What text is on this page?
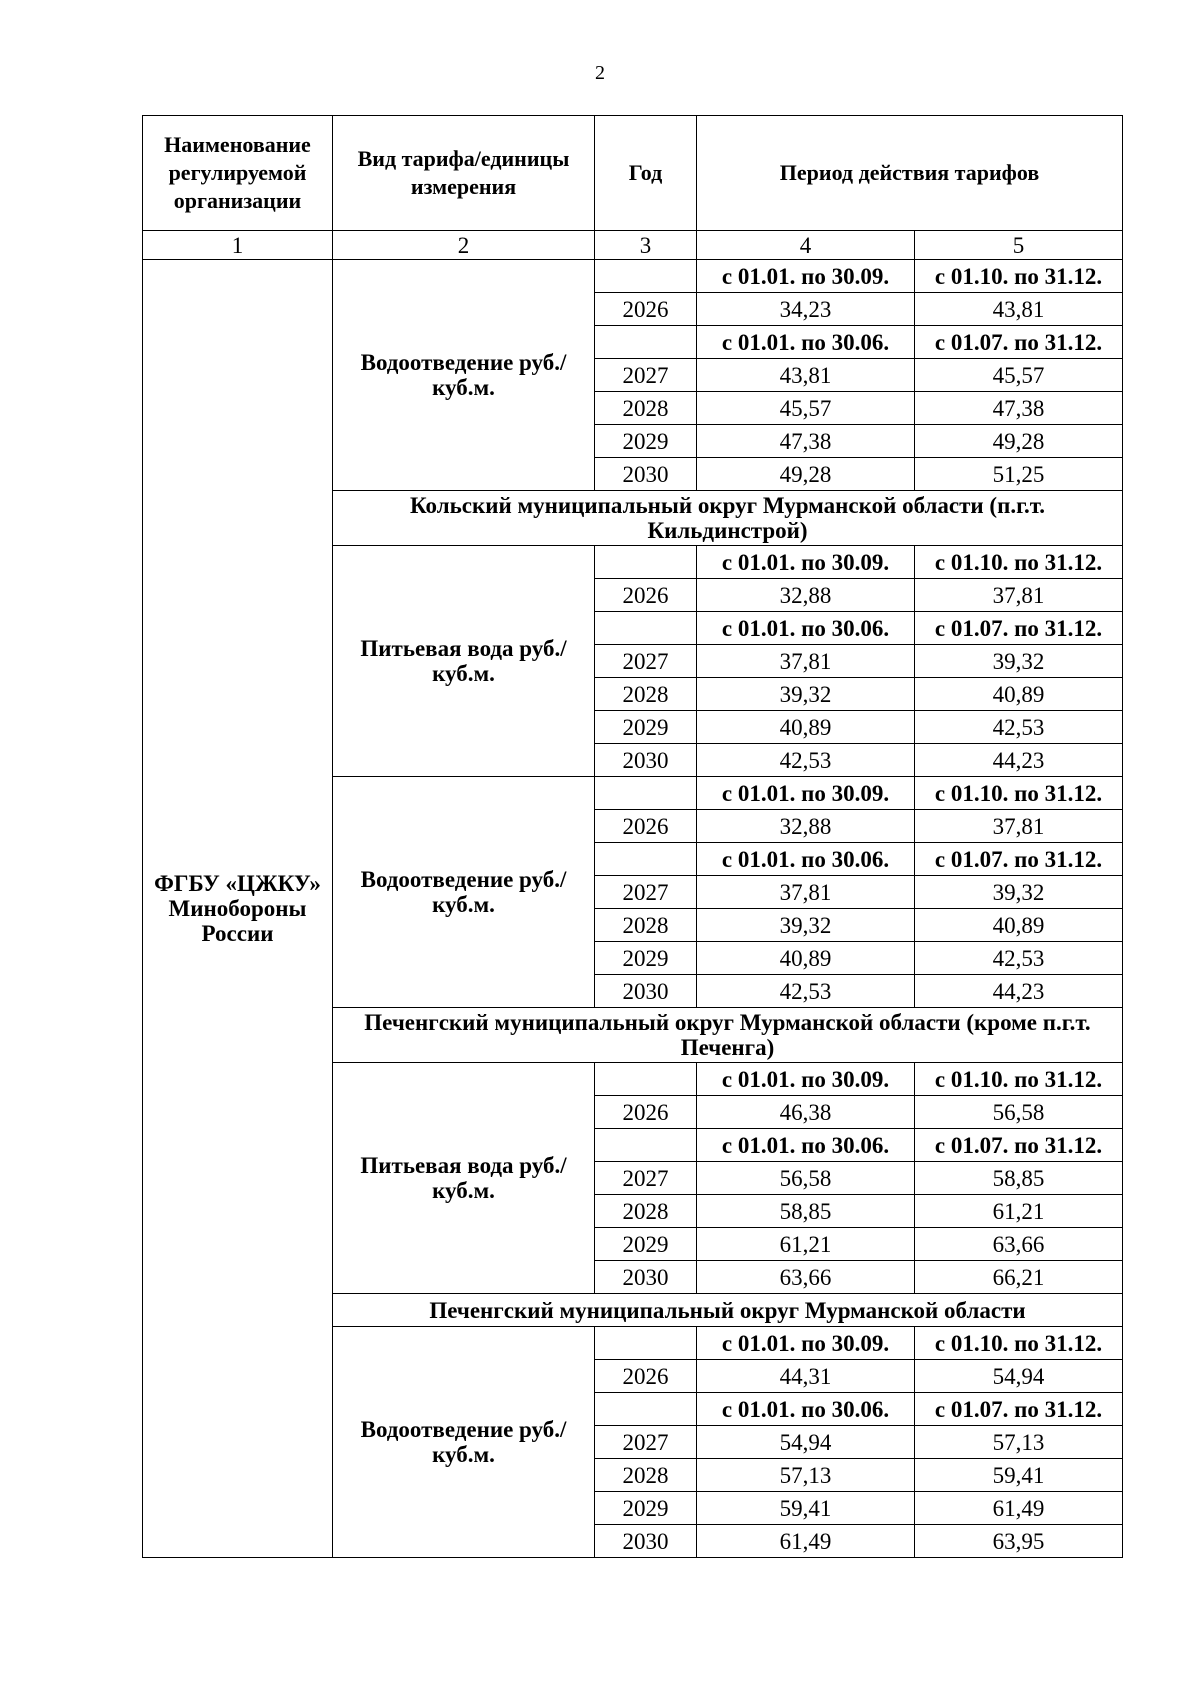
2
Наименование регулируемой организации	Вид тарифа/единицы измерения	Год	Период действия тарифов	
1	2	3	4	5
ФГБУ «ЦЖКУ» Минобороны России	Водоотведение руб./куб.м.		с 01.01. по 30.09.	с 01.10. по 31.12.
		2026	34,23	43,81
			с 01.01. по 30.06.	с 01.07. по 31.12.
		2027	43,81	45,57
		2028	45,57	47,38
		2029	47,38	49,28
		2030	49,28	51,25
	Кольский муниципальный округ Мурманской области (п.г.т. Кильдинстрой)			
	Питьевая вода руб./куб.м.		с 01.01. по 30.09.	с 01.10. по 31.12.
		2026	32,88	37,81
			с 01.01. по 30.06.	с 01.07. по 31.12.
		2027	37,81	39,32
		2028	39,32	40,89
		2029	40,89	42,53
		2030	42,53	44,23
	Водоотведение руб./куб.м.		с 01.01. по 30.09.	с 01.10. по 31.12.
		2026	32,88	37,81
			с 01.01. по 30.06.	с 01.07. по 31.12.
		2027	37,81	39,32
		2028	39,32	40,89
		2029	40,89	42,53
		2030	42,53	44,23
	Печенгский муниципальный округ Мурманской области (кроме п.г.т. Печенга)			
	Питьевая вода руб./куб.м.		с 01.01. по 30.09.	с 01.10. по 31.12.
		2026	46,38	56,58
			с 01.01. по 30.06.	с 01.07. по 31.12.
		2027	56,58	58,85
		2028	58,85	61,21
		2029	61,21	63,66
		2030	63,66	66,21
	Печенгский муниципальный округ Мурманской области			
	Водоотведение руб./куб.м.		с 01.01. по 30.09.	с 01.10. по 31.12.
		2026	44,31	54,94
			с 01.01. по 30.06.	с 01.07. по 31.12.
		2027	54,94	57,13
		2028	57,13	59,41
		2029	59,41	61,49
		2030	61,49	63,95
